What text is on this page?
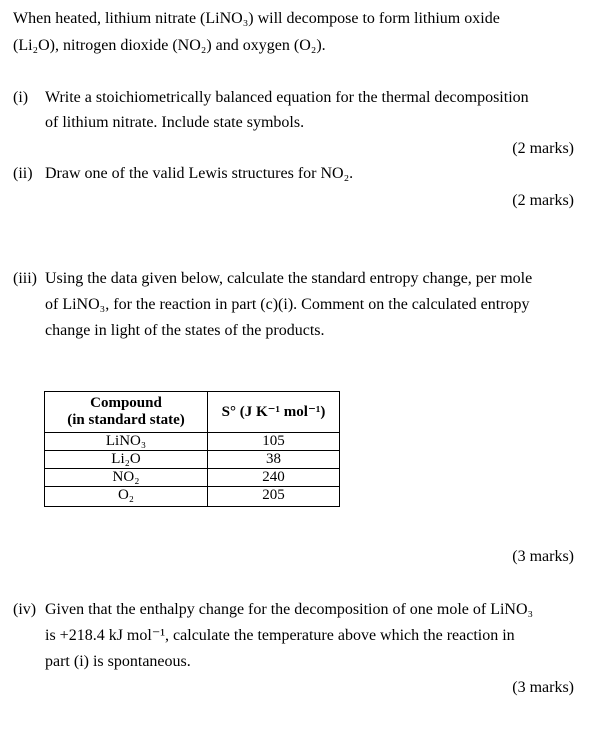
When heated, lithium nitrate (LiNO₃) will decompose to form lithium oxide
(Li₂O), nitrogen dioxide (NO₂) and oxygen (O₂).
(i) Write a stoichiometrically balanced equation for the thermal decomposition
of lithium nitrate. Include state symbols.
(2 marks)
(ii) Draw one of the valid Lewis structures for NO₂.
(2 marks)
(iii) Using the data given below, calculate the standard entropy change, per mole
of LiNO₃, for the reaction in part (c)(i). Comment on the calculated entropy
change in light of the states of the products.
Compound
(in standard state)	S° (J K⁻¹ mol⁻¹)
LiNO₃	105
Li₂O	38
NO₂	240
O₂	205
(3 marks)
(iv) Given that the enthalpy change for the decomposition of one mole of LiNO₃
is +218.4 kJ mol⁻¹, calculate the temperature above which the reaction in
part (i) is spontaneous.
(3 marks)
